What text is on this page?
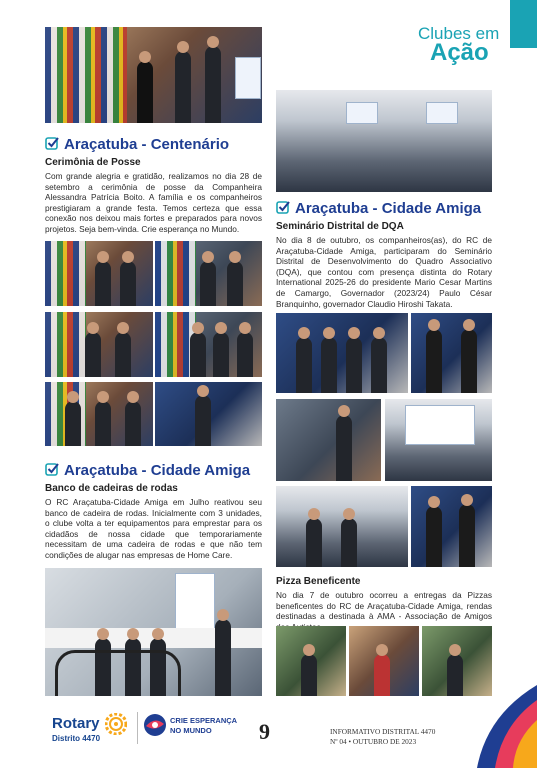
Clubes em
Ação
Araçatuba - Centenário
Cerimônia de Posse
Com grande alegria e gratidão, realizamos no dia 28 de setembro a cerimônia de posse da Companheira Alessandra Patrícia Boito. A família e os companheiros prestigiaram a grande festa. Temos certeza que essa conexão nos deixou mais fortes e preparados para novos projetos. Seja bem-vinda. Crie esperança no Mundo.
Araçatuba - Cidade Amiga
Banco de cadeiras de rodas
O RC Araçatuba-Cidade Amiga em Julho reativou seu banco de cadeira de rodas. Inicialmente com 3 unidades, o clube volta a ter equipamentos para emprestar para os cidadãos de nossa cidade que temporariamente necessitam de uma cadeira de rodas e que não tem condições de alugar nas empresas de Home Care.
Araçatuba - Cidade Amiga
Seminário Distrital de DQA
No dia 8 de outubro, os companheiros(as), do RC de Araçatuba-Cidade Amiga, participaram do Seminário Distrital de Desenvolvimento do Quadro Associativo (DQA), que contou com presença distinta do Rotary International 2025-26 do presidente Mario Cesar Martins de Camargo, Governador (2023/24) Paulo César Branquinho, governador Claudio Hiroshi Takata.
Pizza Beneficente
No dia 7 de outubro ocorreu a entregas da Pizzas beneficentes do RC de Araçatuba-Cidade Amiga, rendas destinadas a destinada à AMA - Associação de Amigos
Rotary
Distrito 4470
CRIE ESPERANÇA
NO MUNDO 9	INFORMATIVO DISTRITAL 4470
Nº 04 • OUTUBRO DE 2023
